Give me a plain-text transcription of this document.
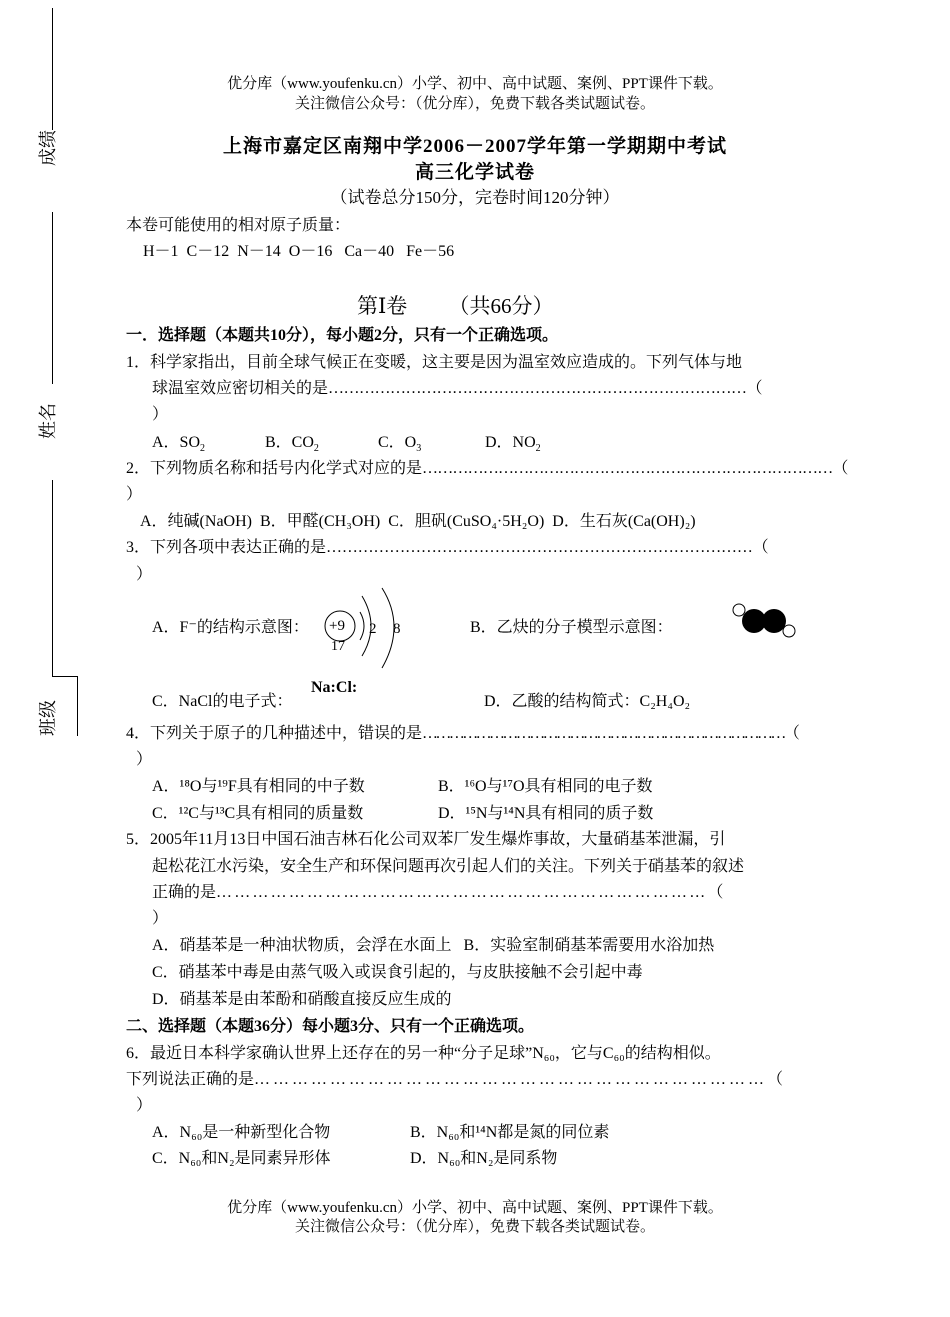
成绩
姓名
班级
优分库（www.youfenku.cn）小学、初中、高中试题、案例、PPT课件下载。
关注微信公众号：（优分库），免费下载各类试题试卷。
上海市嘉定区南翔中学2006－2007学年第一学期期中考试
高三化学试卷
（试卷总分150分，完卷时间120分钟）
本卷可能使用的相对原子质量：
H－1  C－12  N－14  O－16   Ca－40   Fe－56
第Ⅰ卷 （共66分）
一．选择题（本题共10分），每小题2分，只有一个正确选项。
1．科学家指出，目前全球气候正在变暖，这主要是因为温室效应造成的。下列气体与地
球温室效应密切相关的是………………………………………………………………………（
）
A．$SO_2$	B．$CO_2$	C．$O_3$	D．$NO_2$
2．下列物质名称和括号内化学式对应的是………………………………………………………………………（
）
A．纯碱(NaOH)  B．甲醛(CH₃OH)  C．胆矾(CuSO₄·5H₂O)  D．生石灰(Ca(OH)₂)
3．下列各项中表达正确的是………………………………………………………………………（
）
A．F⁻的结构示意图： +9 2 8
17
B．乙炔的分子模型示意图：
C．NaCl的电子式：
Na:Cl:
D．乙酸的结构简式：C₂H₄O₂
4．下列关于原子的几种描述中，错误的是………………………………………………………………………（
）
A．¹⁸O与¹⁹F具有相同的中子数	B．¹⁶O与¹⁷O具有相同的电子数
C．¹²C与¹³C具有相同的质量数	D．¹⁵N与¹⁴N具有相同的质子数
5．2005年11月13日中国石油吉林石化公司双苯厂发生爆炸事故，大量硝基苯泄漏，引
起松花江水污染，安全生产和环保问题再次引起人们的关注。下列关于硝基苯的叙述
正确的是………………………………………………………………………（
）
A．硝基苯是一种油状物质，会浮在水面上   B．实验室制硝基苯需要用水浴加热
C．硝基苯中毒是由蒸气吸入或误食引起的，与皮肤接触不会引起中毒
D．硝基苯是由苯酚和硝酸直接反应生成的
二、选择题（本题36分）每小题3分、只有一个正确选项。
6．最近日本科学家确认世界上还存在的另一种“分子足球”N₆₀，它与C₆₀的结构相似。
下列说法正确的是………………………………………………………………………（
）
A．N₆₀是一种新型化合物	B．N₆₀和¹⁴N都是氮的同位素
C．N₆₀和N₂是同素异形体	D．N₆₀和N₂是同系物
优分库（www.youfenku.cn）小学、初中、高中试题、案例、PPT课件下载。
关注微信公众号：（优分库），免费下载各类试题试卷。
